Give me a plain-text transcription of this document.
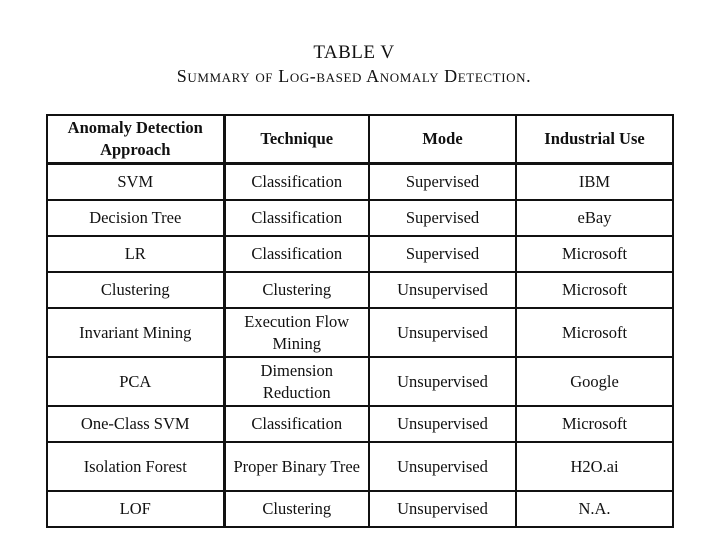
TABLE V
Summary of Log-based Anomaly Detection.
Anomaly Detection Approach	Technique	Mode	Industrial Use
SVM	Classification	Supervised	IBM
Decision Tree	Classification	Supervised	eBay
LR	Classification	Supervised	Microsoft
Clustering	Clustering	Unsupervised	Microsoft
Invariant Mining	Execution Flow Mining	Unsupervised	Microsoft
PCA	Dimension Reduction	Unsupervised	Google
One-Class SVM	Classification	Unsupervised	Microsoft
Isolation Forest	Proper Binary Tree	Unsupervised	H2O.ai
LOF	Clustering	Unsupervised	N.A.
